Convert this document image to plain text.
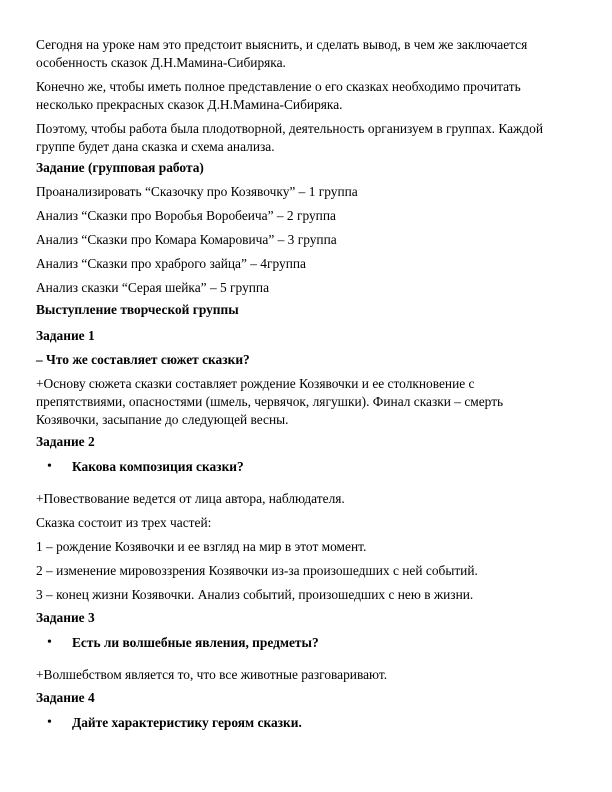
Сегодня на уроке нам это предстоит выяснить, и сделать вывод, в чем же заключается
особенность сказок Д.Н.Мамина-Сибиряка.
Конечно же, чтобы иметь полное представление о его сказках необходимо прочитать
несколько прекрасных сказок Д.Н.Мамина-Сибиряка.
Поэтому, чтобы работа была плодотворной, деятельность организуем в группах. Каждой
группе будет дана сказка и схема анализа.
Задание (групповая работа)
Проанализировать “Сказочку про Козявочку” – 1 группа
Анализ “Сказки про Воробья Воробеича” – 2 группа
Анализ “Сказки про Комара Комаровича” – 3 группа
Анализ “Сказки про храброго зайца” – 4группа
Анализ сказки “Серая шейка” – 5 группа
Выступление творческой группы
Задание 1
– Что же составляет сюжет сказки?
+Основу сюжета сказки составляет рождение Козявочки и ее столкновение с
препятствиями, опасностями (шмель, червячок, лягушки). Финал сказки – смерть
Козявочки, засыпание до следующей весны.
Задание 2
• Какова композиция сказки?
+Повествование ведется от лица автора, наблюдателя.
Сказка состоит из трех частей:
1 – рождение Козявочки и ее взгляд на мир в этот момент.
2 – изменение мировоззрения Козявочки из-за произошедших с ней событий.
3 – конец жизни Козявочки. Анализ событий, произошедших с нею в жизни.
Задание 3
• Есть ли волшебные явления, предметы?
+Волшебством является то, что все животные разговаривают.
Задание 4
• Дайте характеристику героям сказки.
